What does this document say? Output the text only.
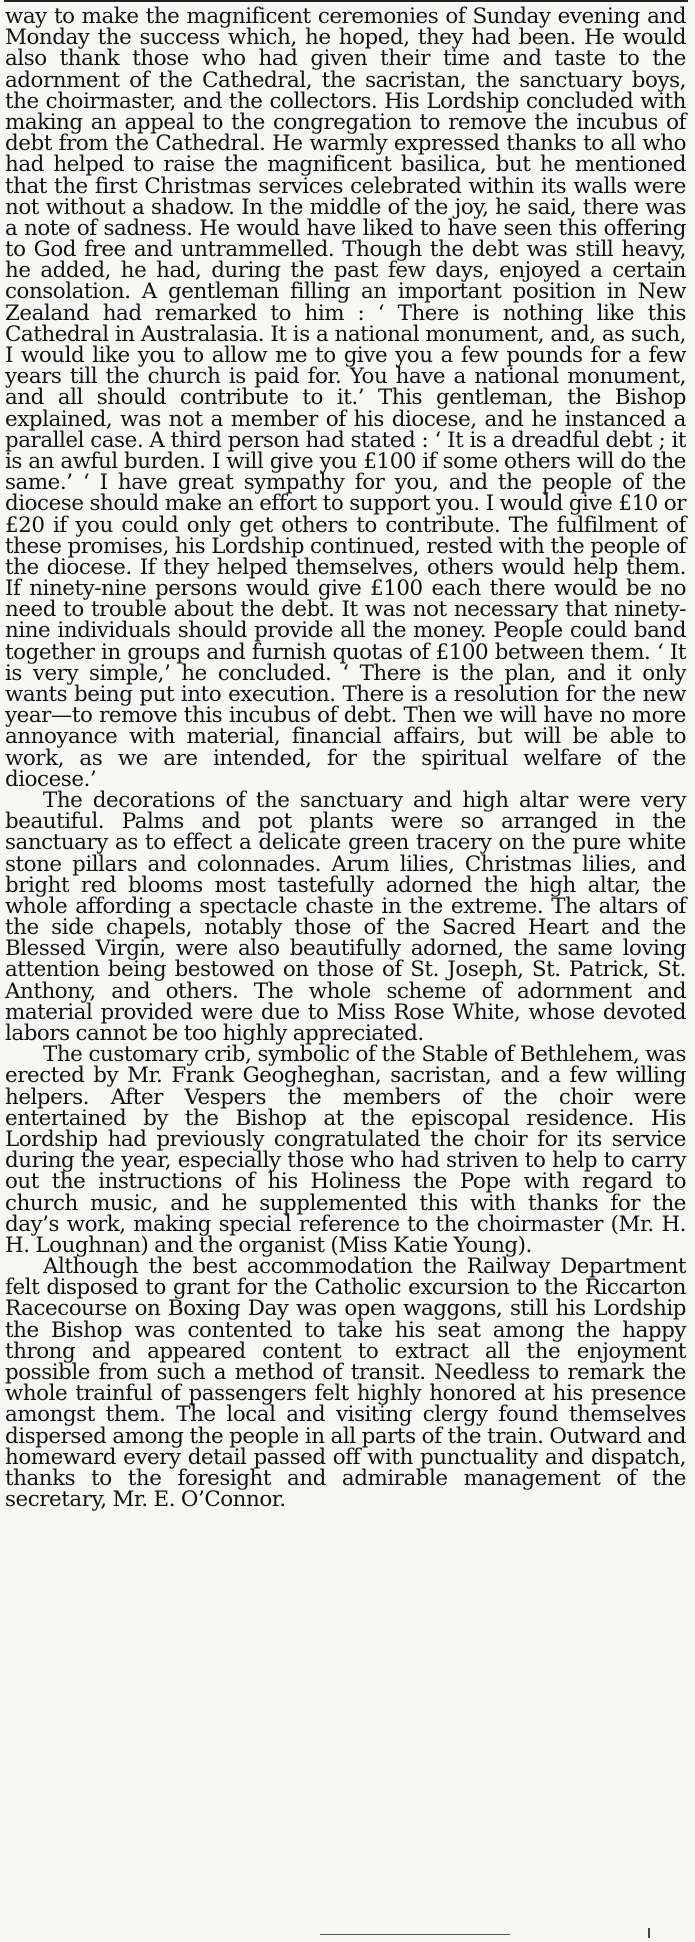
way to make the magnificent ceremonies of Sunday evening and Monday the success which, he hoped, they had been. He would also thank those who had given their time and taste to the adornment of the Cathedral, the sacristan, the sanctuary boys, the choirmaster, and the collectors. His Lordship concluded with making an appeal to the congregation to remove the incubus of debt from the Cathedral. He warmly expressed thanks to all who had helped to raise the magnificent basilica, but he mentioned that the first Christmas services celebrated within its walls were not without a shadow. In the middle of the joy, he said, there was a note of sadness. He would have liked to have seen this offering to God free and untrammelled. Though the debt was still heavy, he added, he had, during the past few days, enjoyed a certain consolation. A gentleman filling an important position in New Zealand had remarked to him : ‘ There is nothing like this Cathedral in Australasia. It is a national monument, and, as such, I would like you to allow me to give you a few pounds for a few years till the church is paid for. You have a national monument, and all should contribute to it.’ This gentleman, the Bishop explained, was not a member of his diocese, and he instanced a parallel case. A third person had stated : ‘ It is a dreadful debt ; it is an awful burden. I will give you £100 if some others will do the same.’ ‘ I have great sympathy for you, and the people of the diocese should make an effort to support you. I would give £10 or £20 if you could only get others to contribute. The fulfilment of these promises, his Lordship continued, rested with the people of the diocese. If they helped themselves, others would help them. If ninety-nine persons would give £100 each there would be no need to trouble about the debt. It was not necessary that ninety-nine individuals should provide all the money. People could band together in groups and furnish quotas of £100 between them. ‘ It is very simple,’ he concluded. ‘ There is the plan, and it only wants being put into execution. There is a resolution for the new year—to remove this incubus of debt. Then we will have no more annoyance with material, financial affairs, but will be able to work, as we are intended, for the spiritual welfare of the diocese.’

The decorations of the sanctuary and high altar were very beautiful. Palms and pot plants were so arranged in the sanctuary as to effect a delicate green tracery on the pure white stone pillars and colonnades. Arum lilies, Christmas lilies, and bright red blooms most tastefully adorned the high altar, the whole affording a spectacle chaste in the extreme. The altars of the side chapels, notably those of the Sacred Heart and the Blessed Virgin, were also beautifully adorned, the same loving attention being bestowed on those of St. Joseph, St. Patrick, St. Anthony, and others. The whole scheme of adornment and material provided were due to Miss Rose White, whose devoted labors cannot be too highly appreciated.

The customary crib, symbolic of the Stable of Bethlehem, was erected by Mr. Frank Geogheghan, sacristan, and a few willing helpers. After Vespers the members of the choir were entertained by the Bishop at the episcopal residence. His Lordship had previously congratulated the choir for its service during the year, especially those who had striven to help to carry out the instructions of his Holiness the Pope with regard to church music, and he supplemented this with thanks for the day’s work, making special reference to the choirmaster (Mr. H. H. Loughnan) and the organist (Miss Katie Young).

Although the best accommodation the Railway Department felt disposed to grant for the Catholic excursion to the Riccarton Racecourse on Boxing Day was open waggons, still his Lordship the Bishop was contented to take his seat among the happy throng and appeared content to extract all the enjoyment possible from such a method of transit. Needless to remark the whole trainful of passengers felt highly honored at his presence amongst them. The local and visiting clergy found themselves dispersed among the people in all parts of the train. Outward and homeward every detail passed off with punctuality and dispatch, thanks to the foresight and admirable management of the secretary, Mr. E. O’Connor.
